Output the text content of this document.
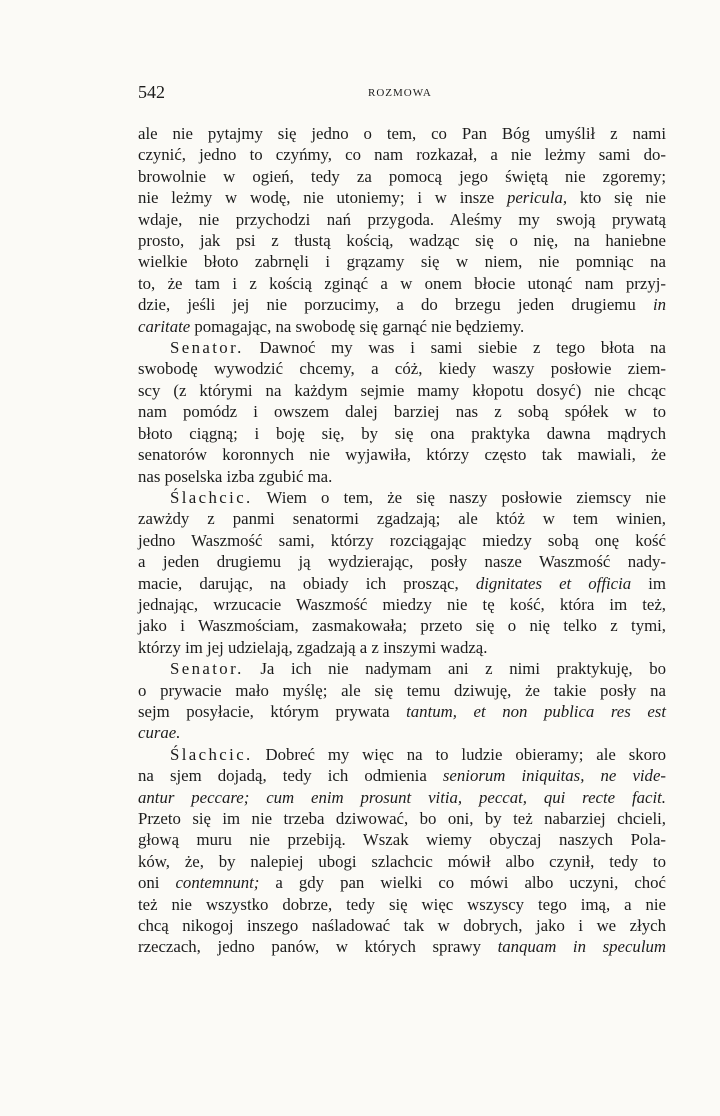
542	ROZMOWA
ale nie pytajmy się jedno o tem, co Pan Bóg umyślił z nami
czynić, jedno to czyńmy, co nam rozkazał, a nie leżmy sami do-
browolnie w ogień, tedy za pomocą jego świętą nie zgoremy;
nie leżmy w wodę, nie utoniemy; i w insze pericula, kto się nie
wdaje, nie przychodzi nań przygoda. Aleśmy my swoją prywatą
prosto, jak psi z tłustą kością, wadząc się o nię, na haniebne
wielkie błoto zabrnęli i grązamy się w niem, nie pomniąc na
to, że tam i z kością zginąć a w onem błocie utonąć nam przyj-
dzie, jeśli jej nie porzucimy, a do brzegu jeden drugiemu in
caritate pomagając, na swobodę się garnąć nie będziemy.
Senator. Dawnoć my was i sami siebie z tego błota na
swobodę wywodzić chcemy, a cóż, kiedy waszy posłowie ziem-
scy (z którymi na każdym sejmie mamy kłopotu dosyć) nie chcąc
nam pomódz i owszem dalej barziej nas z sobą spółek w to
błoto ciągną; i boję się, by się ona praktyka dawna mądrych
senatorów koronnych nie wyjawiła, którzy często tak mawiali, że
nas poselska izba zgubić ma.
Ślachcic. Wiem o tem, że się naszy posłowie ziemscy nie
zawżdy z panmi senatormi zgadzają; ale któż w tem winien,
jedno Waszmość sami, którzy rozciągając miedzy sobą onę kość
a jeden drugiemu ją wydzierając, posły nasze Waszmość nady-
macie, darując, na obiady ich prosząc, dignitates et officia im
jednając, wrzucacie Waszmość miedzy nie tę kość, która im też,
jako i Waszmościam, zasmakowała; przeto się o nię telko z tymi,
którzy im jej udzielają, zgadzają a z inszymi wadzą.
Senator. Ja ich nie nadymam ani z nimi praktykuję, bo
o prywacie mało myślę; ale się temu dziwuję, że takie posły na
sejm posyłacie, którym prywata tantum, et non publica res est
curae.
Ślachcic. Dobreć my więc na to ludzie obieramy; ale skoro
na sjem dojadą, tedy ich odmienia seniorum iniquitas, ne vide-
antur peccare; cum enim prosunt vitia, peccat, qui recte facit.
Przeto się im nie trzeba dziwować, bo oni, by też nabarziej chcieli,
głową muru nie przebiją. Wszak wiemy obyczaj naszych Pola-
ków, że, by nalepiej ubogi szlachcic mówił albo czynił, tedy to
oni contemnunt; a gdy pan wielki co mówi albo uczyni, choć
też nie wszystko dobrze, tedy się więc wszyscy tego imą, a nie
chcą nikogoj inszego naśladować tak w dobrych, jako i we złych
rzeczach, jedno panów, w których sprawy tanquam in speculum
